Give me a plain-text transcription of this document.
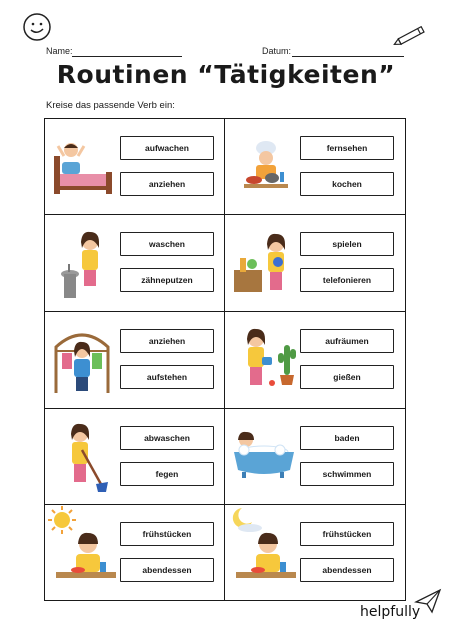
Name:	Datum:
Routinen “Tätigkeiten”
Kreise das passende Verb ein:
aufwachen
anziehen
fernsehen
kochen
waschen
zähneputzen
spielen
telefonieren
anziehen
aufstehen
aufräumen
gießen
abwaschen
fegen
baden
schwimmen
frühstücken
abendessen
frühstücken
abendessen
helpfully
